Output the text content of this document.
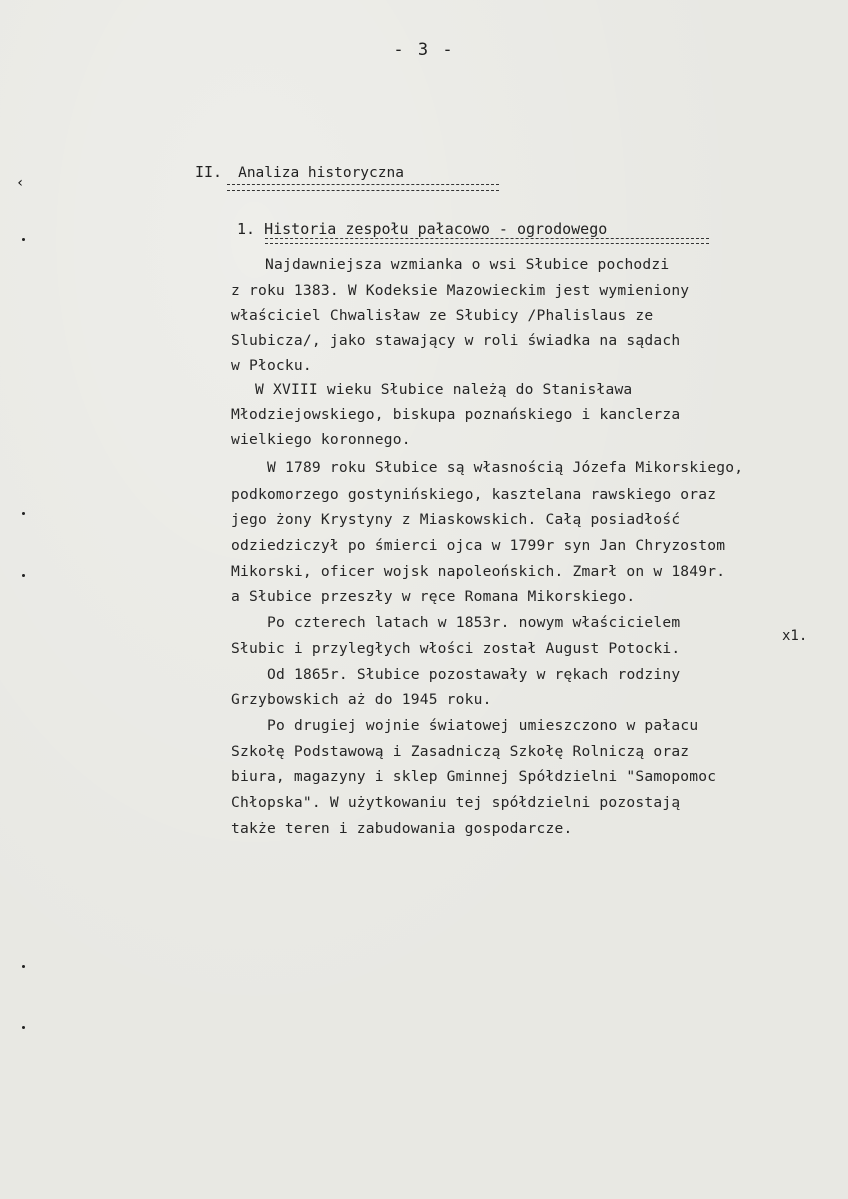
- 3 -
‹
II. Analiza historyczna
1. Historia zespołu pałacowo - ogrodowego
Najdawniejsza wzmianka o wsi Słubice pochodzi
z roku 1383. W Kodeksie Mazowieckim jest wymieniony
właściciel Chwalisław ze Słubicy /Phalislaus ze
Slubicza/, jako stawający w roli świadka na sądach
w Płocku.
W XVIII wieku Słubice należą do Stanisława
Młodziejowskiego, biskupa poznańskiego i kanclerza
wielkiego koronnego.
W 1789 roku Słubice są własnością Józefa Mikorskiego,
podkomorzego gostynińskiego, kasztelana rawskiego oraz
jego żony Krystyny z Miaskowskich. Całą posiadłość
odziedziczył po śmierci ojca w 1799r syn Jan Chryzostom
Mikorski, oficer wojsk napoleońskich. Zmarł on w 1849r.
a Słubice przeszły w ręce Romana Mikorskiego.
Po czterech latach w 1853r. nowym właścicielem
Słubic i przyległych włości został August Potocki.
Od 1865r. Słubice pozostawały w rękach rodziny
Grzybowskich aż do 1945 roku.
Po drugiej wojnie światowej umieszczono w pałacu
Szkołę Podstawową i Zasadniczą Szkołę Rolniczą oraz
biura, magazyny i sklep Gminnej Spółdzielni "Samopomoc
Chłopska". W użytkowaniu tej spółdzielni pozostają
także teren i zabudowania gospodarcze.
x1.
